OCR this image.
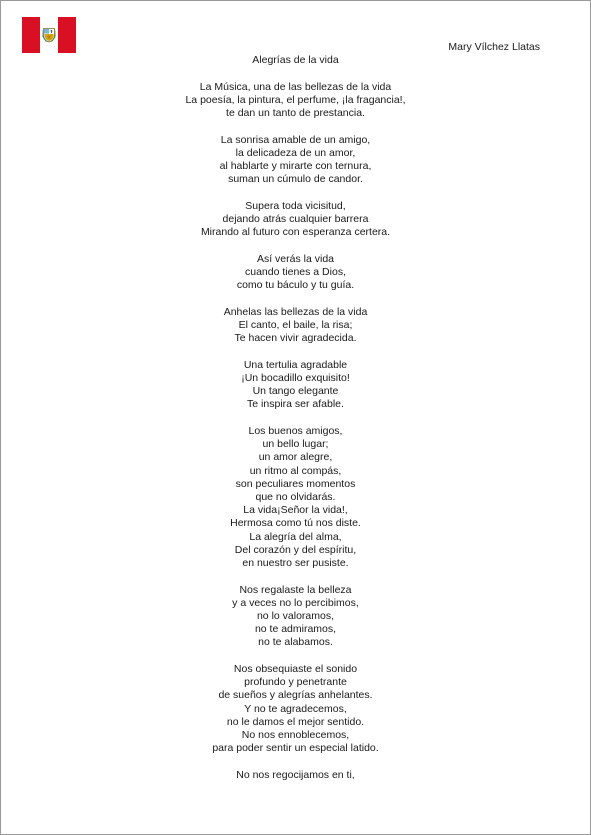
Mary Vílchez Llatas
Alegrías de la vida
La Música, una de las bellezas de la vida
La poesía, la pintura, el perfume, ¡la fragancia!,
te dan un tanto de prestancia.
La sonrisa amable de un amigo,
la delicadeza de un amor,
al hablarte y mirarte con ternura,
suman un cúmulo de candor.
Supera toda vicisitud,
dejando atrás cualquier barrera
Mirando al futuro con esperanza certera.
Así verás la vida
cuando tienes a Dios,
como tu báculo y tu guía.
Anhelas las bellezas de la vida
El canto, el baile, la risa;
Te hacen vivir agradecida.
Una tertulia agradable
¡Un bocadillo exquisito!
Un tango elegante
Te inspira ser afable.
Los buenos amigos,
un bello lugar;
un amor alegre,
un ritmo al compás,
son peculiares momentos
que no olvidarás.
La vida¡Señor la vida!,
Hermosa como tú nos diste.
La alegría del alma,
Del corazón y del espíritu,
en nuestro ser pusiste.
Nos regalaste la belleza
y a veces no lo percibimos,
no lo valoramos,
no te admiramos,
no te alabamos.
Nos obsequiaste el sonido
profundo y penetrante
de sueños y alegrías anhelantes.
Y no te agradecemos,
no le damos el mejor sentido.
No nos ennoblecemos,
para poder sentir un especial latido.
No nos regocijamos en ti,
